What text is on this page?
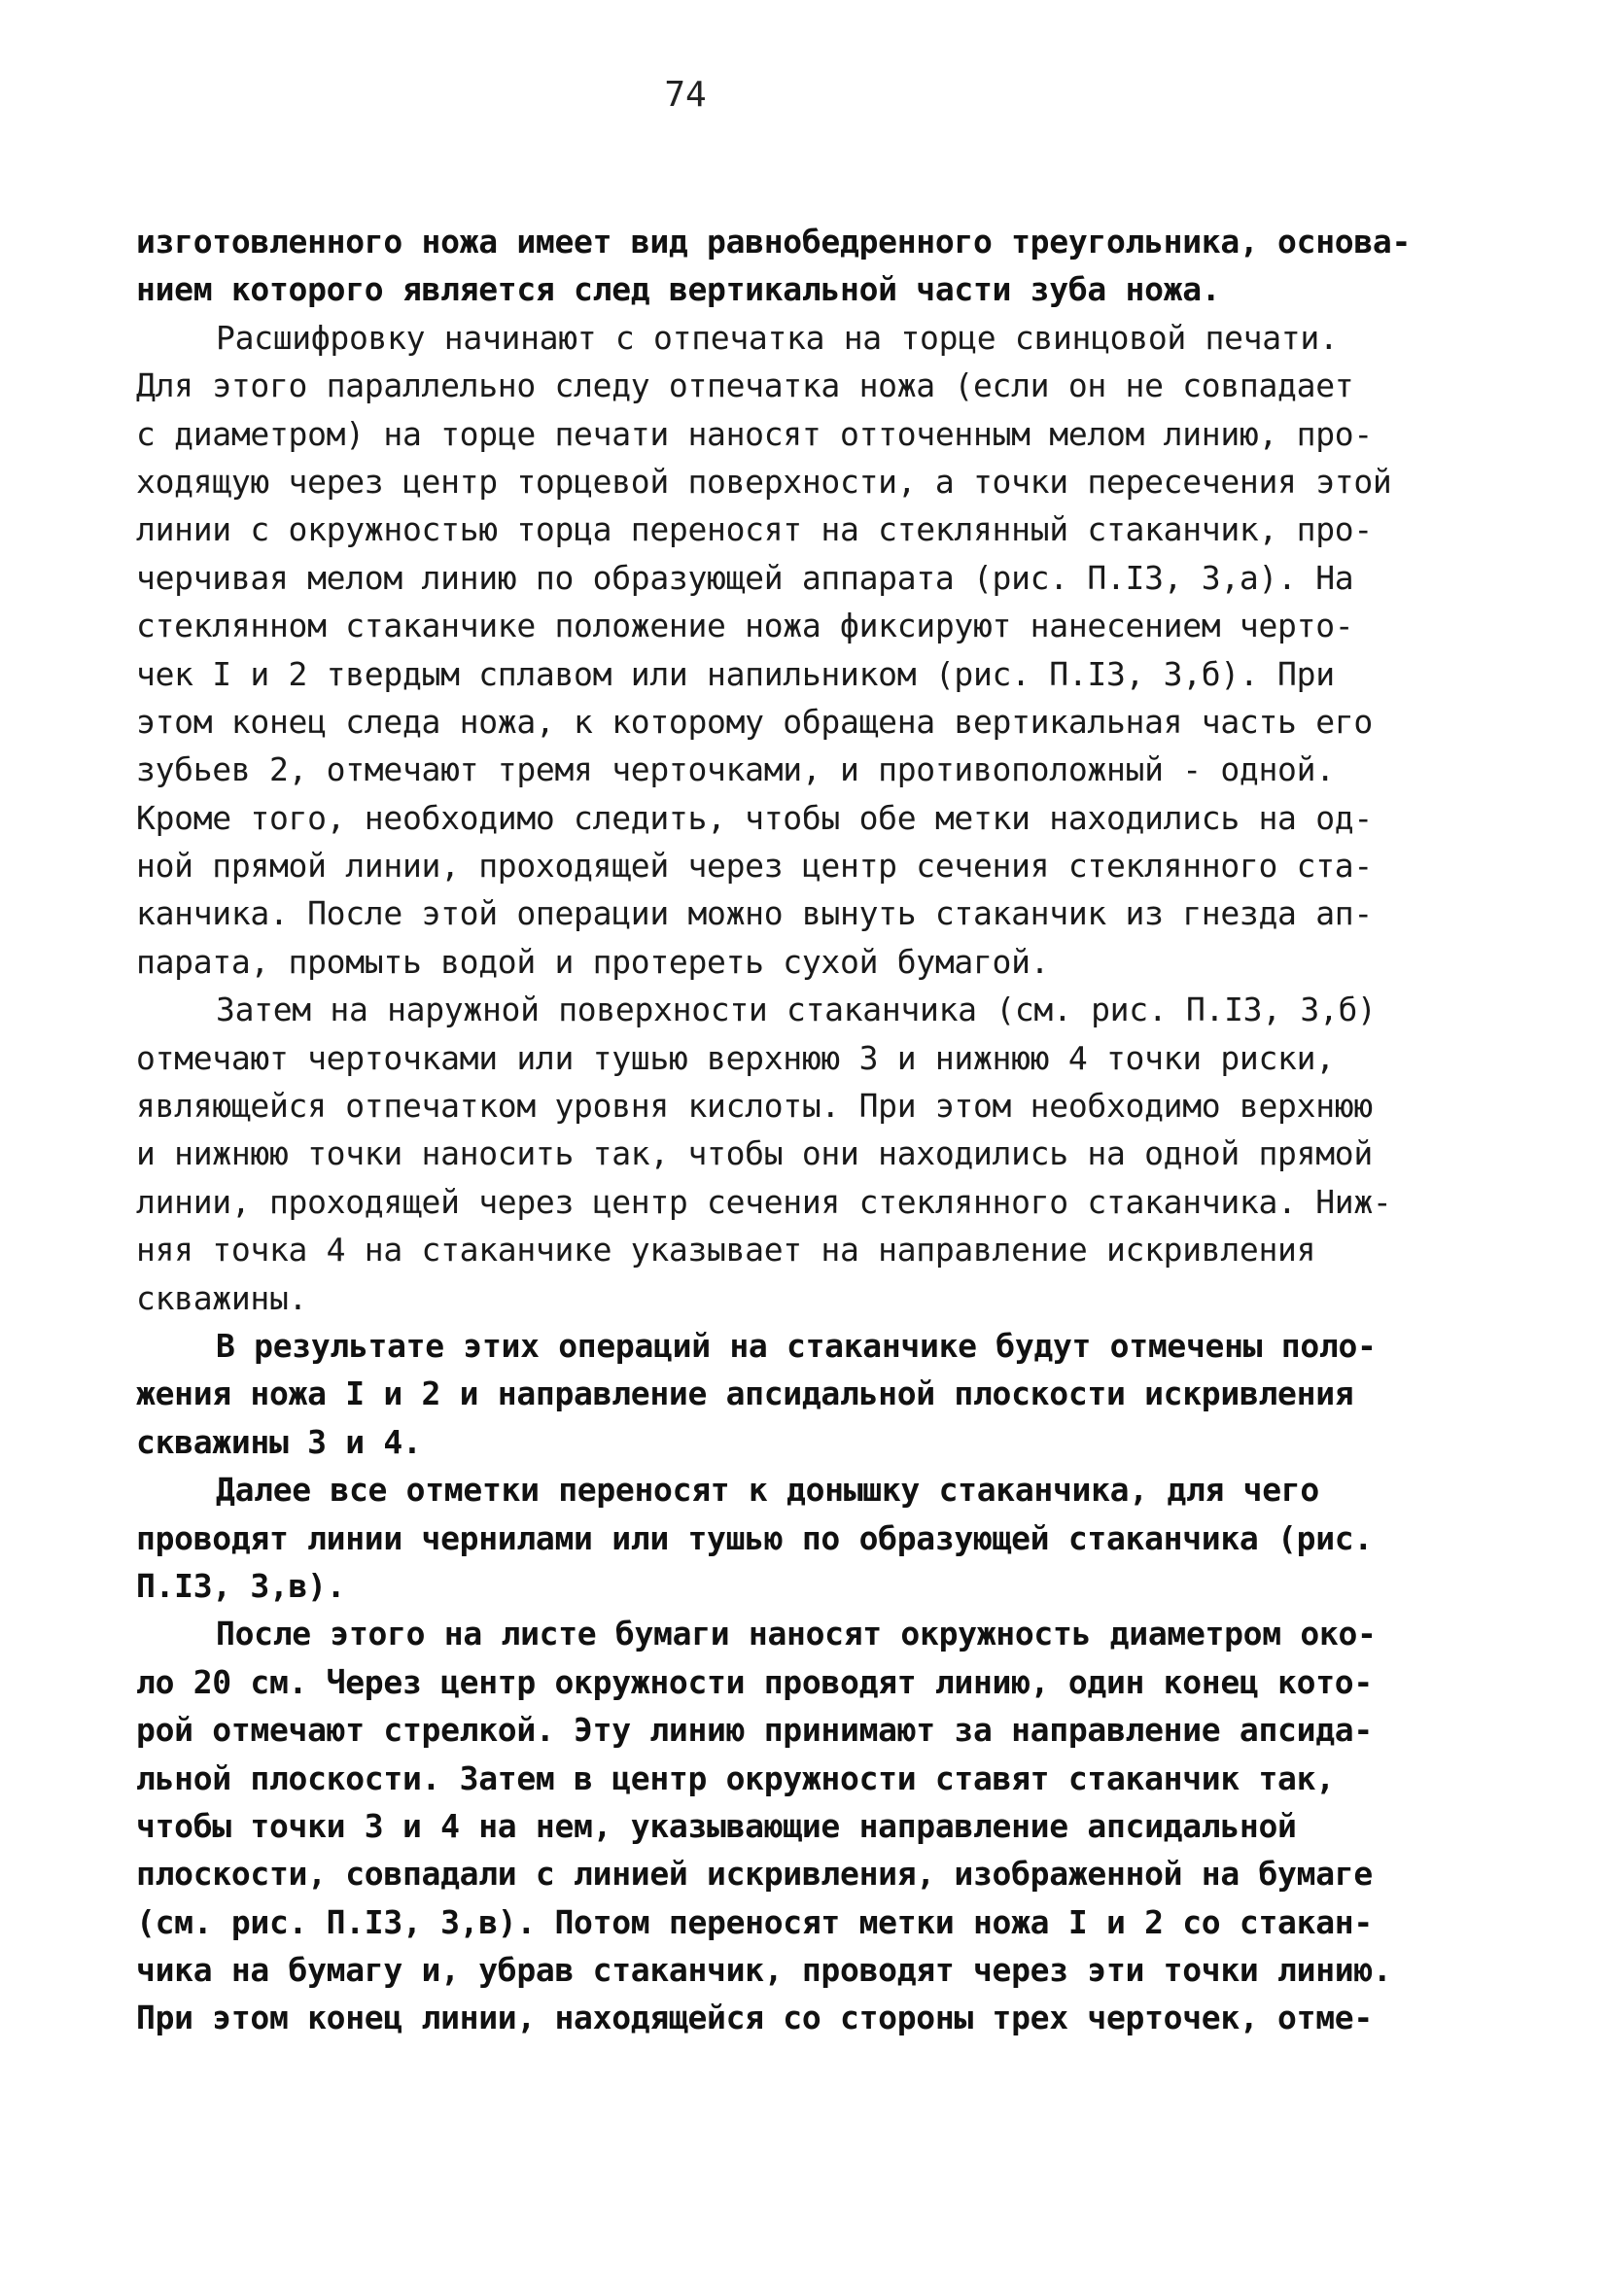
74
изготовленного ножа имеет вид равнобедренного треугольника, основа-
нием которого является след вертикальной части зуба ножа.
Расшифровку начинают с отпечатка на торце свинцовой печати.
Для этого параллельно следу отпечатка ножа (если он не совпадает
с диаметром) на торце печати наносят отточенным мелом линию, про-
ходящую через центр торцевой поверхности, а точки пересечения этой
линии с окружностью торца переносят на стеклянный стаканчик, про-
черчивая мелом линию по образующей аппарата (рис. П.I3, 3,а). На
стеклянном стаканчике положение ножа фиксируют нанесением черто-
чек I и 2 твердым сплавом или напильником (рис. П.I3, 3,б). При
этом конец следа ножа, к которому обращена вертикальная часть его
зубьев 2, отмечают тремя черточками, и противоположный - одной.
Кроме того, необходимо следить, чтобы обе метки находились на од-
ной прямой линии, проходящей через центр сечения стеклянного ста-
канчика. После этой операции можно вынуть стаканчик из гнезда ап-
парата, промыть водой и протереть сухой бумагой.
Затем на наружной поверхности стаканчика (см. рис. П.I3, 3,б)
отмечают черточками или тушью верхнюю 3 и нижнюю 4 точки риски,
являющейся отпечатком уровня кислоты. При этом необходимо верхнюю
и нижнюю точки наносить так, чтобы они находились на одной прямой
линии, проходящей через центр сечения стеклянного стаканчика. Ниж-
няя точка 4 на стаканчике указывает на направление искривления
скважины.
В результате этих операций на стаканчике будут отмечены поло-
жения ножа I и 2 и направление апсидальной плоскости искривления
скважины 3 и 4.
Далее все отметки переносят к донышку стаканчика, для чего
проводят линии чернилами или тушью по образующей стаканчика (рис.
П.I3, 3,в).
После этого на листе бумаги наносят окружность диаметром око-
ло 20 см. Через центр окружности проводят линию, один конец кото-
рой отмечают стрелкой. Эту линию принимают за направление апсида-
льной плоскости. Затем в центр окружности ставят стаканчик так,
чтобы точки 3 и 4 на нем, указывающие направление апсидальной
плоскости, совпадали с линией искривления, изображенной на бумаге
(см. рис. П.I3, 3,в). Потом переносят метки ножа I и 2 со стакан-
чика на бумагу и, убрав стаканчик, проводят через эти точки линию.
При этом конец линии, находящейся со стороны трех черточек, отме-
